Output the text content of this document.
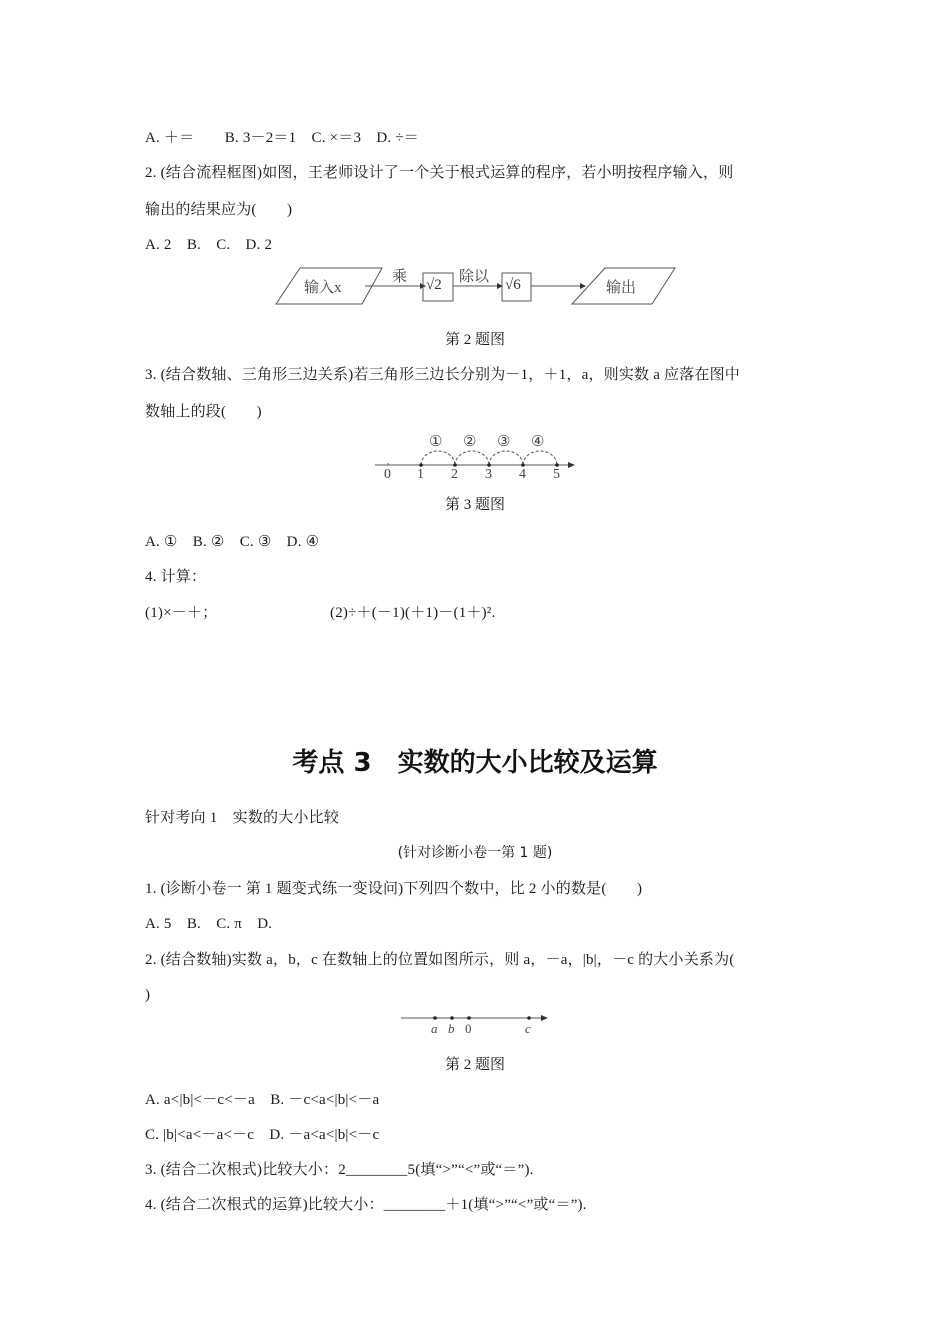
A. ＋＝　　B. 3－2＝1　C. ×＝3　D. ÷＝
2. (结合流程框图)如图，王老师设计了一个关于根式运算的程序，若小明按程序输入，则
输出的结果应为(　　)
A. 2　B.　C.　D. 2
输入x
乘 √2 除以 √6	输出
第 2 题图
3. (结合数轴、三角形三边关系)若三角形三边长分别为－1，＋1，a，则实数 a 应落在图中
数轴上的段(　　)
① ② ③ ④
0 1 2 3 4 5
第 3 题图
A. ①　B. ②　C. ③　D. ④
4. 计算：
(1)×－＋；	(2)÷＋(－1)(＋1)－(1＋)².
考点 3　实数的大小比较及运算
针对考向 1　实数的大小比较
(针对诊断小卷一第 1 题)
1. (诊断小卷一 第 1 题变式练一变设问)下列四个数中，比 2 小的数是(　　)
A. 5　B.　C. π　D.
2. (结合数轴)实数 a，b，c 在数轴上的位置如图所示，则 a，－a，|b|，－c 的大小关系为(
)
a b 0	c
第 2 题图
A. a<|b|<－c<－a　B. －c<a<|b|<－a
C. |b|<a<－a<－c　D. －a<a<|b|<－c
3. (结合二次根式)比较大小：2________5(填“>”“<”或“＝”).
4. (结合二次根式的运算)比较大小：________＋1(填“>”“<”或“＝”).
